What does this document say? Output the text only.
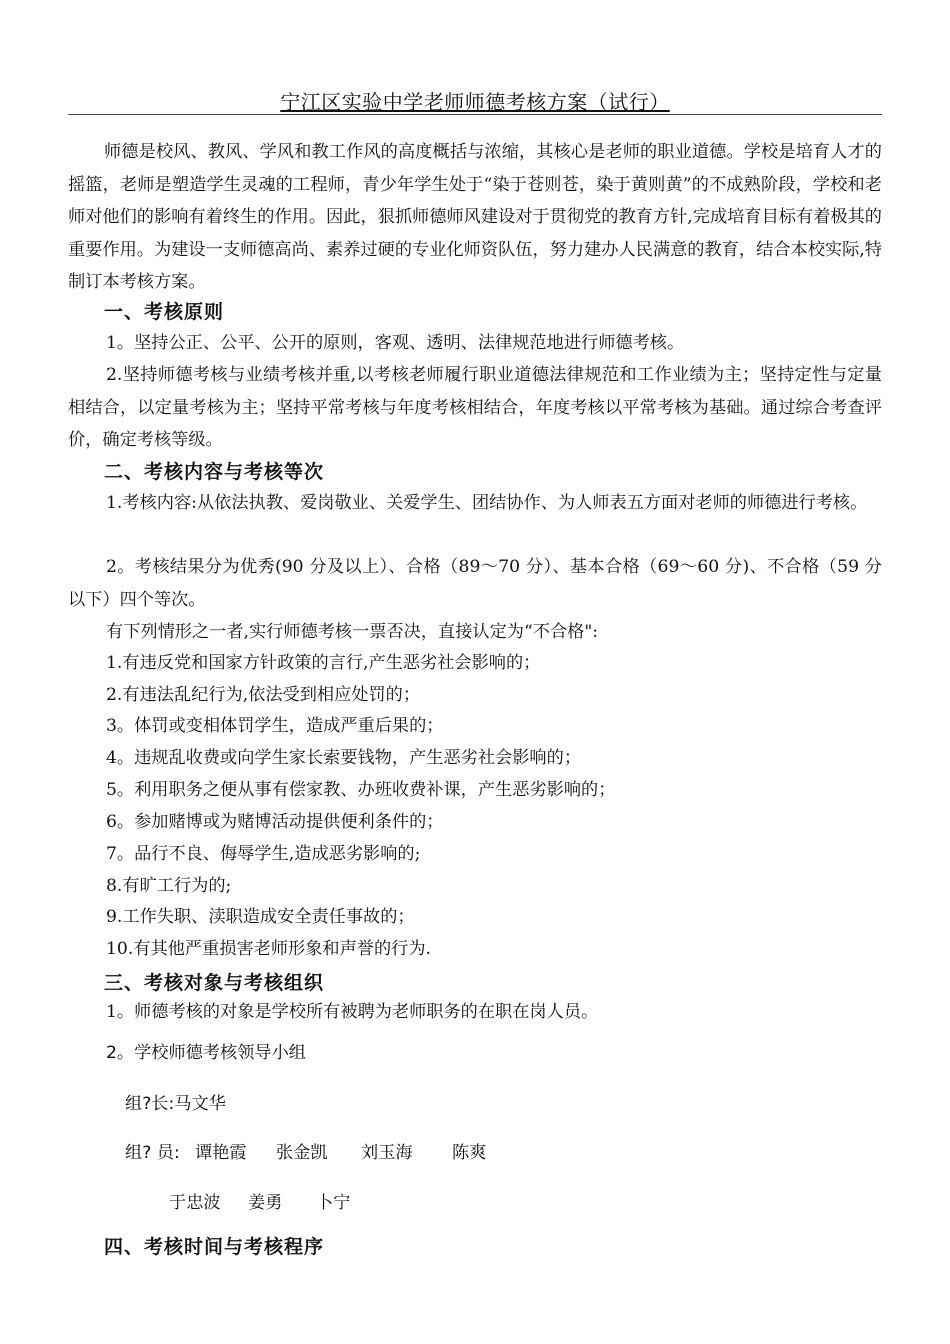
宁江区实验中学老师师德考核方案（试行）
师德是校风、教风、学风和教工作风的高度概括与浓缩，其核心是老师的职业道德。学校是培育人才的摇篮，老师是塑造学生灵魂的工程师，青少年学生处于“染于苍则苍，染于黄则黄”的不成熟阶段，学校和老师对他们的影响有着终生的作用。因此，狠抓师德师风建设对于贯彻党的教育方针,完成培育目标有着极其的重要作用。为建设一支师德高尚、素养过硬的专业化师资队伍，努力建办人民满意的教育，结合本校实际,特制订本考核方案。
一、考核原则
1。坚持公正、公平、公开的原则，客观、透明、法律规范地进行师德考核。
2.坚持师德考核与业绩考核并重,以考核老师履行职业道德法律规范和工作业绩为主；坚持定性与定量相结合，以定量考核为主；坚持平常考核与年度考核相结合，年度考核以平常考核为基础。通过综合考查评价，确定考核等级。
二、考核内容与考核等次
1.考核内容:从依法执教、爱岗敬业、关爱学生、团结协作、为人师表五方面对老师的师德进行考核。
2。考核结果分为优秀(90 分及以上）、合格（89～70 分）、基本合格（69～60 分)、不合格（59 分以下）四个等次。
有下列情形之一者,实行师德考核一票否决，直接认定为“不合格":
1.有违反党和国家方针政策的言行,产生恶劣社会影响的；
2.有违法乱纪行为,依法受到相应处罚的；
3。体罚或变相体罚学生，造成严重后果的；
4。违规乱收费或向学生家长索要钱物，产生恶劣社会影响的；
5。利用职务之便从事有偿家教、办班收费补课，产生恶劣影响的；
6。参加赌博或为赌博活动提供便利条件的；
7。品行不良、侮辱学生,造成恶劣影响的;
8.有旷工行为的;
9.工作失职、渎职造成安全责任事故的；
10.有其他严重损害老师形象和声誉的行为.
三、考核对象与考核组织
1。师德考核的对象是学校所有被聘为老师职务的在职在岗人员。
2。学校师德考核领导小组
组?长:马文华
组? 员: 谭艳霞 张金凯 刘玉海 陈爽
于忠波 姜勇 卜宁
四、考核时间与考核程序
